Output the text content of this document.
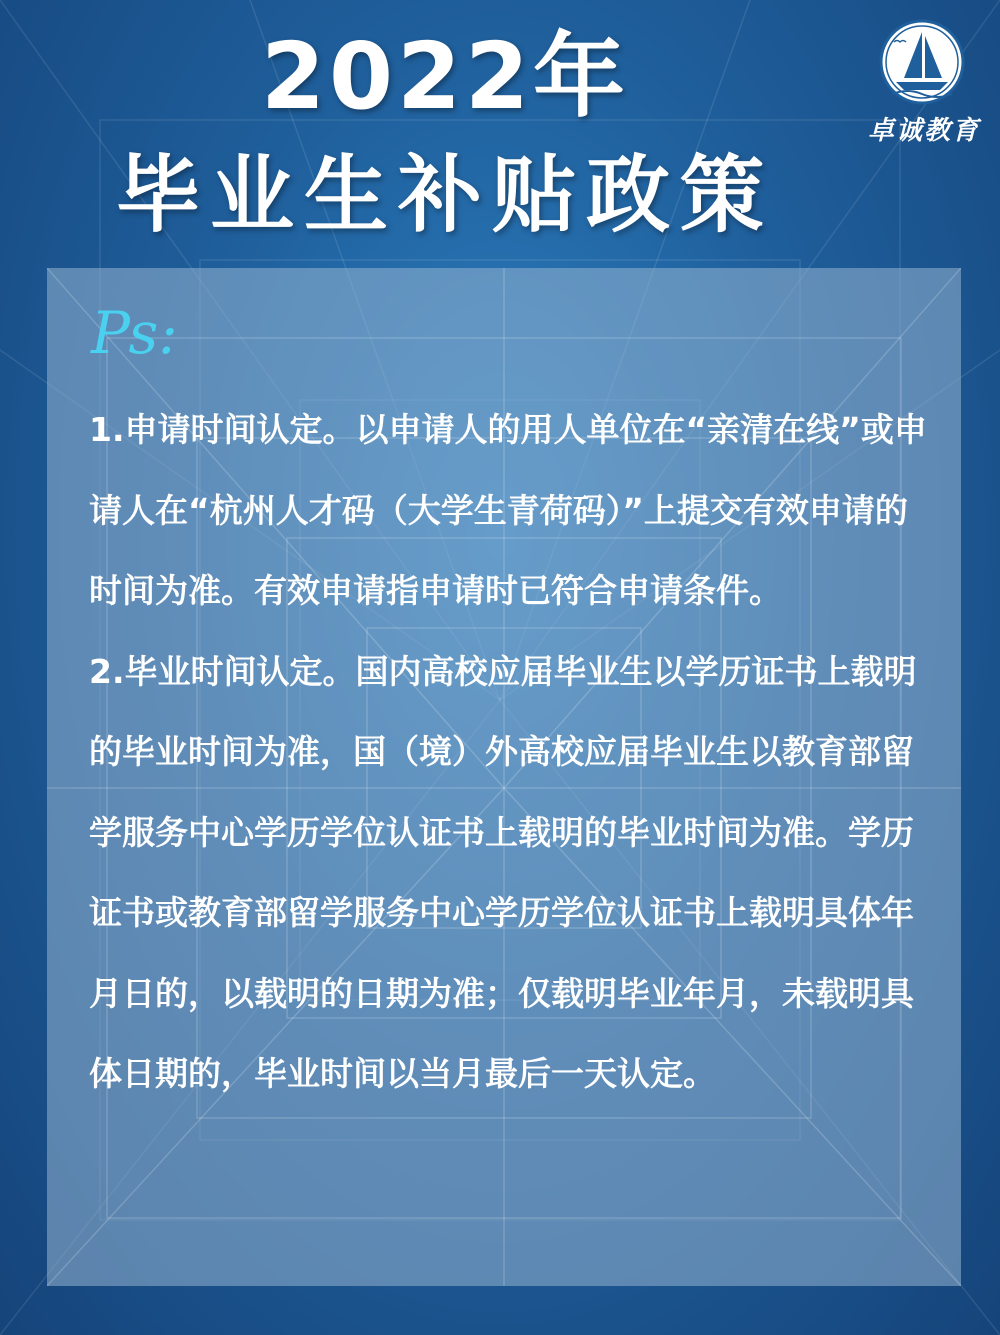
2022年
毕业生补贴政策
卓诚教育
Ps:

1.申请时间认定。以申请人的用人单位在“亲清在线”或申请人在“杭州人才码（大学生青荷码）”上提交有效申请的时间为准。有效申请指申请时已符合申请条件。

2.毕业时间认定。国内高校应届毕业生以学历证书上载明的毕业时间为准，国（境）外高校应届毕业生以教育部留学服务中心学历学位认证书上载明的毕业时间为准。学历证书或教育部留学服务中心学历学位认证书上载明具体年月日的，以载明的日期为准；仅载明毕业年月，未载明具体日期的，毕业时间以当月最后一天认定。
